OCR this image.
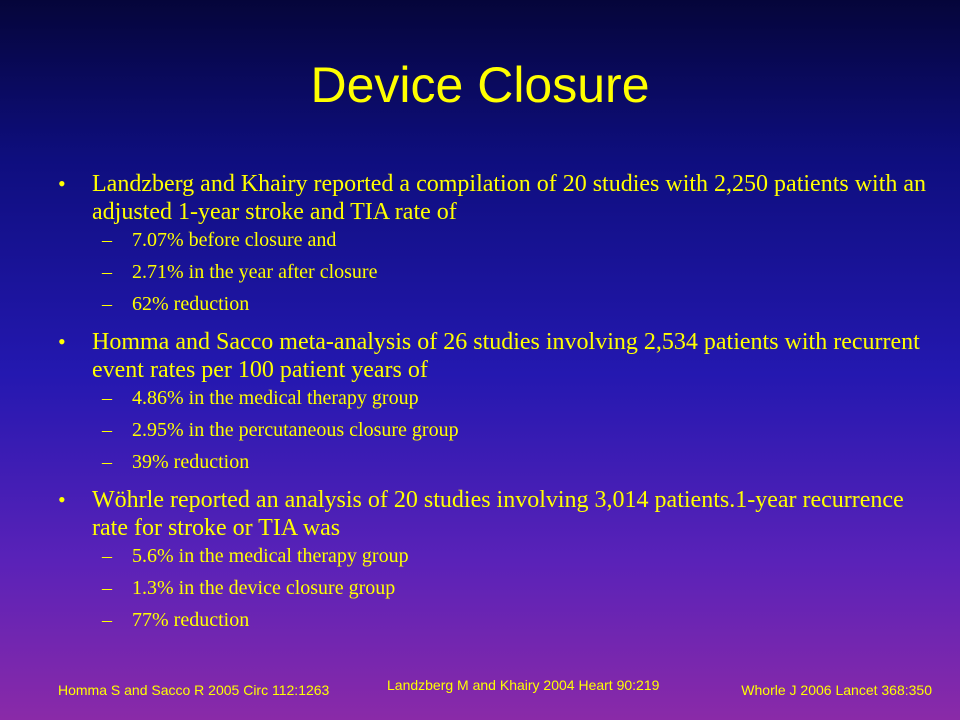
Device Closure
• Landzberg and Khairy reported a compilation of 20 studies with 2,250 patients with an adjusted 1-year stroke and TIA rate of
– 7.07% before closure and
– 2.71% in the year after closure
– 62% reduction
• Homma and Sacco meta-analysis of 26 studies involving 2,534 patients with recurrent event rates per 100 patient years of
– 4.86% in the medical therapy group
– 2.95% in the percutaneous closure group
– 39% reduction
• Wöhrle reported an analysis of 20 studies involving 3,014 patients.1-year recurrence rate for stroke or TIA was
– 5.6% in the medical therapy group
– 1.3% in the device closure group
– 77% reduction
Homma S and Sacco R 2005 Circ 112:1263	Landzberg M and Khairy 2004 Heart 90:219	Whorle J 2006 Lancet 368:350
